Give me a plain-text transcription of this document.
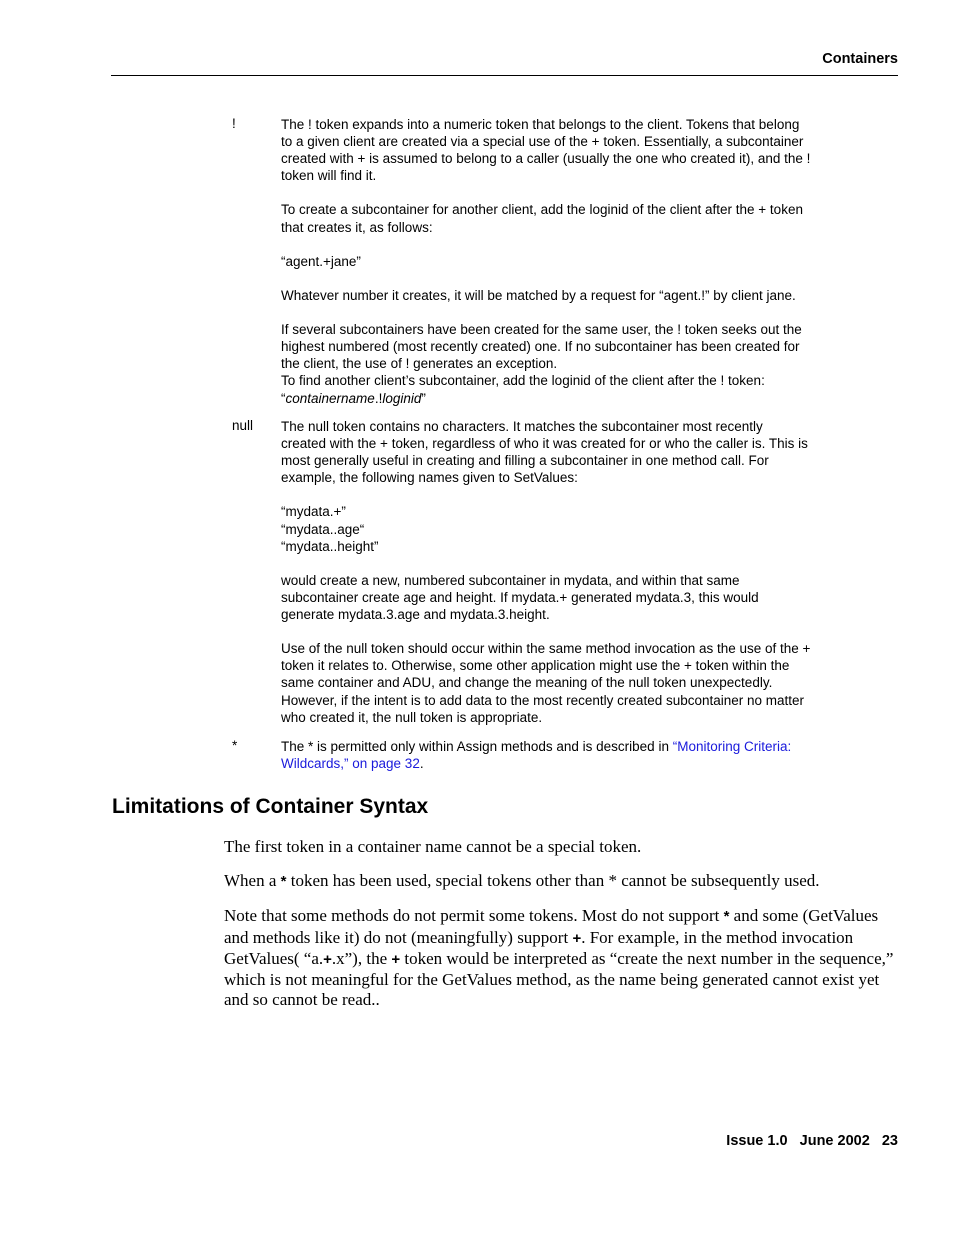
Containers
!	The ! token expands into a numeric token that belongs to the client. Tokens that belong
to a given client are created via a special use of the + token. Essentially, a subcontainer
created with + is assumed to belong to a caller (usually the one who created it), and the !
token will find it.

To create a subcontainer for another client, add the loginid of the client after the + token
that creates it, as follows:

“agent.+jane”

Whatever number it creates, it will be matched by a request for “agent.!” by client jane.

If several subcontainers have been created for the same user, the ! token seeks out the
highest numbered (most recently created) one. If no subcontainer has been created for
the client, the use of ! generates an exception.

To find another client’s subcontainer, add the loginid of the client after the ! token:

“containername.!loginid”

null The null token contains no characters. It matches the subcontainer most recently
created with the + token, regardless of who it was created for or who the caller is. This is
most generally useful in creating and filling a subcontainer in one method call. For
example, the following names given to SetValues:

“mydata.+”
“mydata..age“
“mydata..height”

would create a new, numbered subcontainer in mydata, and within that same
subcontainer create age and height. If mydata.+ generated mydata.3, this would
generate mydata.3.age and mydata.3.height.

Use of the null token should occur within the same method invocation as the use of the +
token it relates to. Otherwise, some other application might use the + token within the
same container and ADU, and change the meaning of the null token unexpectedly.
However, if the intent is to add data to the most recently created subcontainer no matter
who created it, the null token is appropriate.

*	The * is permitted only within Assign methods and is described in “Monitoring Criteria:
Wildcards,” on page 32.

Limitations of Container Syntax

The first token in a container name cannot be a special token.

When a * token has been used, special tokens other than * cannot be subsequently used.

Note that some methods do not permit some tokens. Most do not support * and some (GetValues
and methods like it) do not (meaningfully) support +. For example, in the method invocation
GetValues( “a.+.x”), the + token would be interpreted as “create the next number in the sequence,”
which is not meaningful for the GetValues method, as the name being generated cannot exist yet
and so cannot be read..

Issue 1.0   June 2002   23
